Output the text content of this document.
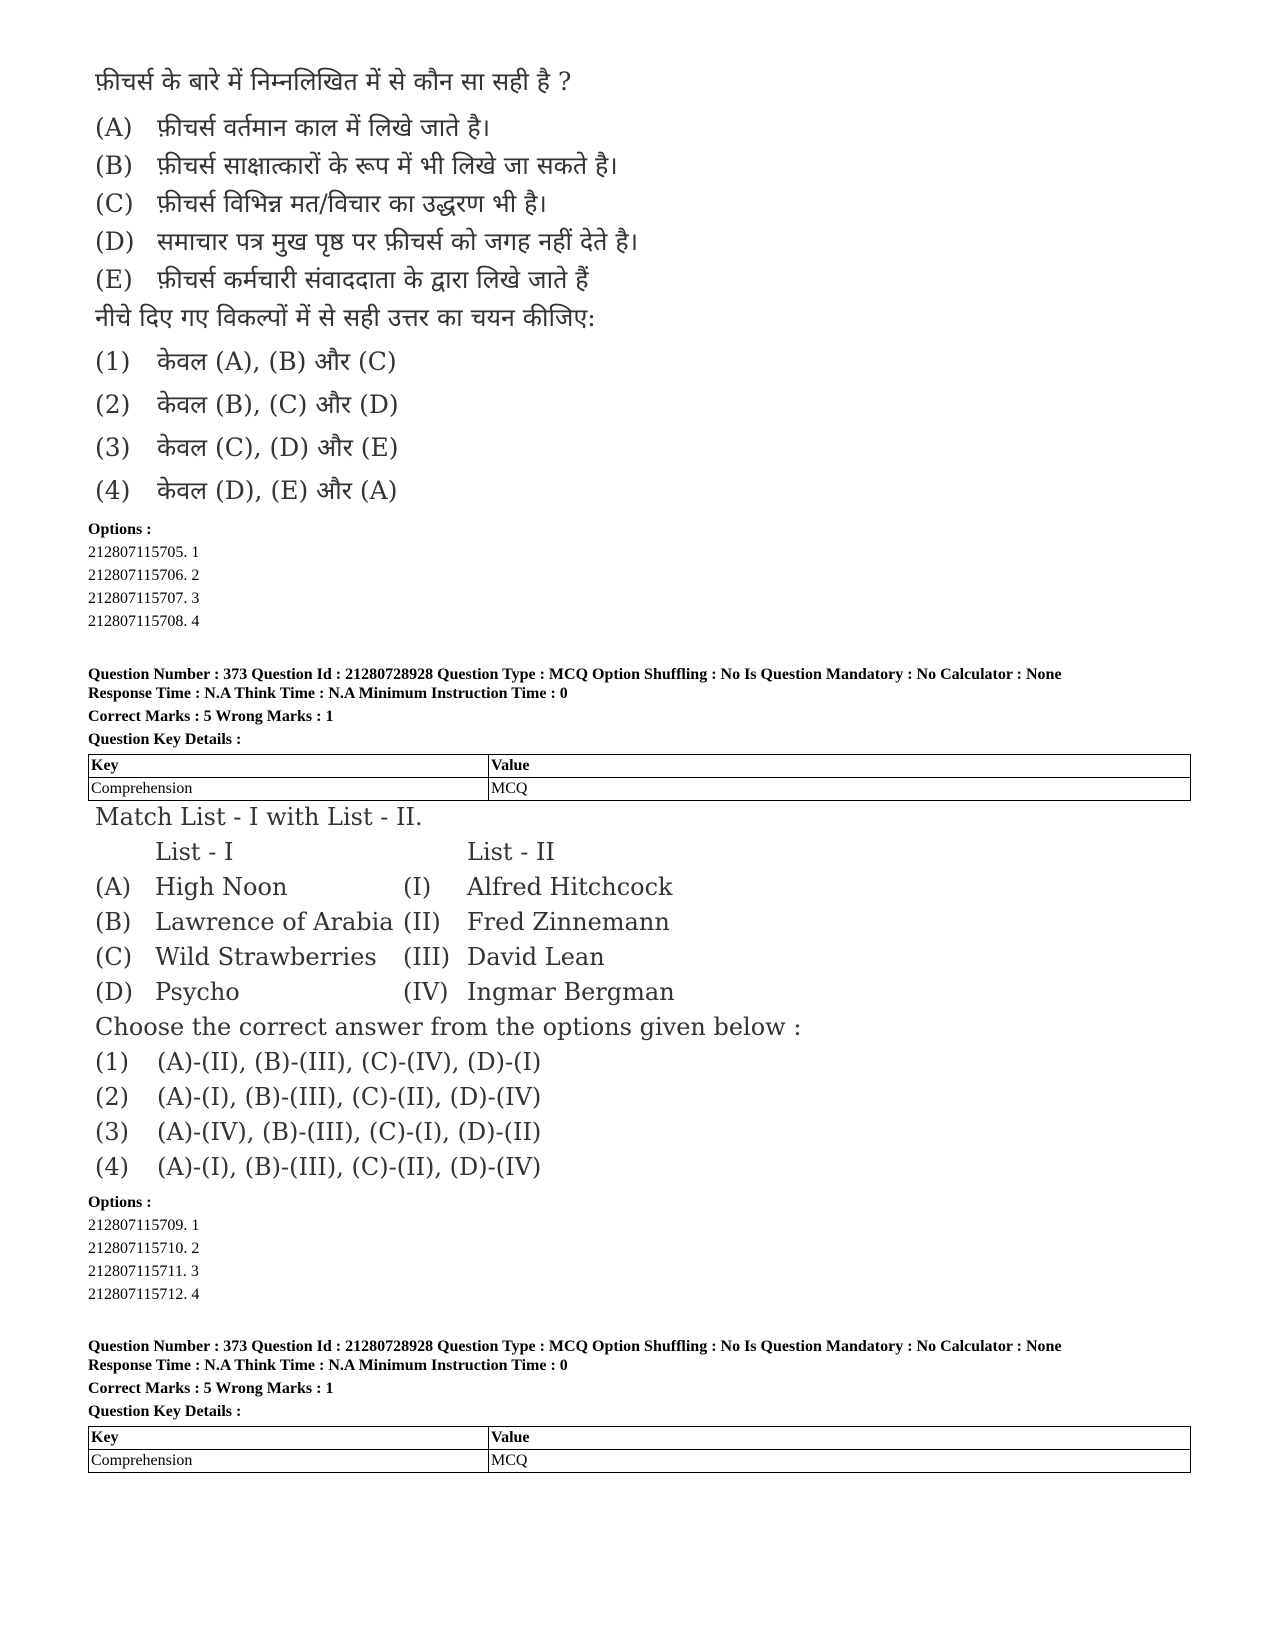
फ़ीचर्स के बारे में निम्नलिखित में से कौन सा सही है ?
(A) फ़ीचर्स वर्तमान काल में लिखे जाते है।
(B) फ़ीचर्स साक्षात्कारों के रूप में भी लिखे जा सकते है।
(C) फ़ीचर्स विभिन्न मत/विचार का उद्धरण भी है।
(D) समाचार पत्र मुख पृष्ठ पर फ़ीचर्स को जगह नहीं देते है।
(E) फ़ीचर्स कर्मचारी संवाददाता के द्वारा लिखे जाते हैं
नीचे दिए गए विकल्पों में से सही उत्तर का चयन कीजिए:
(1) केवल (A), (B) और (C)
(2) केवल (B), (C) और (D)
(3) केवल (C), (D) और (E)
(4) केवल (D), (E) और (A)
Options :
212807115705. 1
212807115706. 2
212807115707. 3
212807115708. 4
Question Number : 373 Question Id : 21280728928 Question Type : MCQ Option Shuffling : No Is Question Mandatory : No Calculator : None
Response Time : N.A Think Time : N.A Minimum Instruction Time : 0
Correct Marks : 5 Wrong Marks : 1
Question Key Details :
Key	Value
Comprehension	MCQ
Match List - I with List - II.
List - I	List - II
(A) High Noon	(I) Alfred Hitchcock
(B) Lawrence of Arabia (II) Fred Zinnemann
(C) Wild Strawberries (III) David Lean
(D) Psycho	(IV) Ingmar Bergman
Choose the correct answer from the options given below :
(1) (A)-(II), (B)-(III), (C)-(IV), (D)-(I)
(2) (A)-(I), (B)-(III), (C)-(II), (D)-(IV)
(3) (A)-(IV), (B)-(III), (C)-(I), (D)-(II)
(4) (A)-(I), (B)-(III), (C)-(II), (D)-(IV)
Options :
212807115709. 1
212807115710. 2
212807115711. 3
212807115712. 4
Question Number : 373 Question Id : 21280728928 Question Type : MCQ Option Shuffling : No Is Question Mandatory : No Calculator : None
Response Time : N.A Think Time : N.A Minimum Instruction Time : 0
Correct Marks : 5 Wrong Marks : 1
Question Key Details :
Key	Value
Comprehension	MCQ
